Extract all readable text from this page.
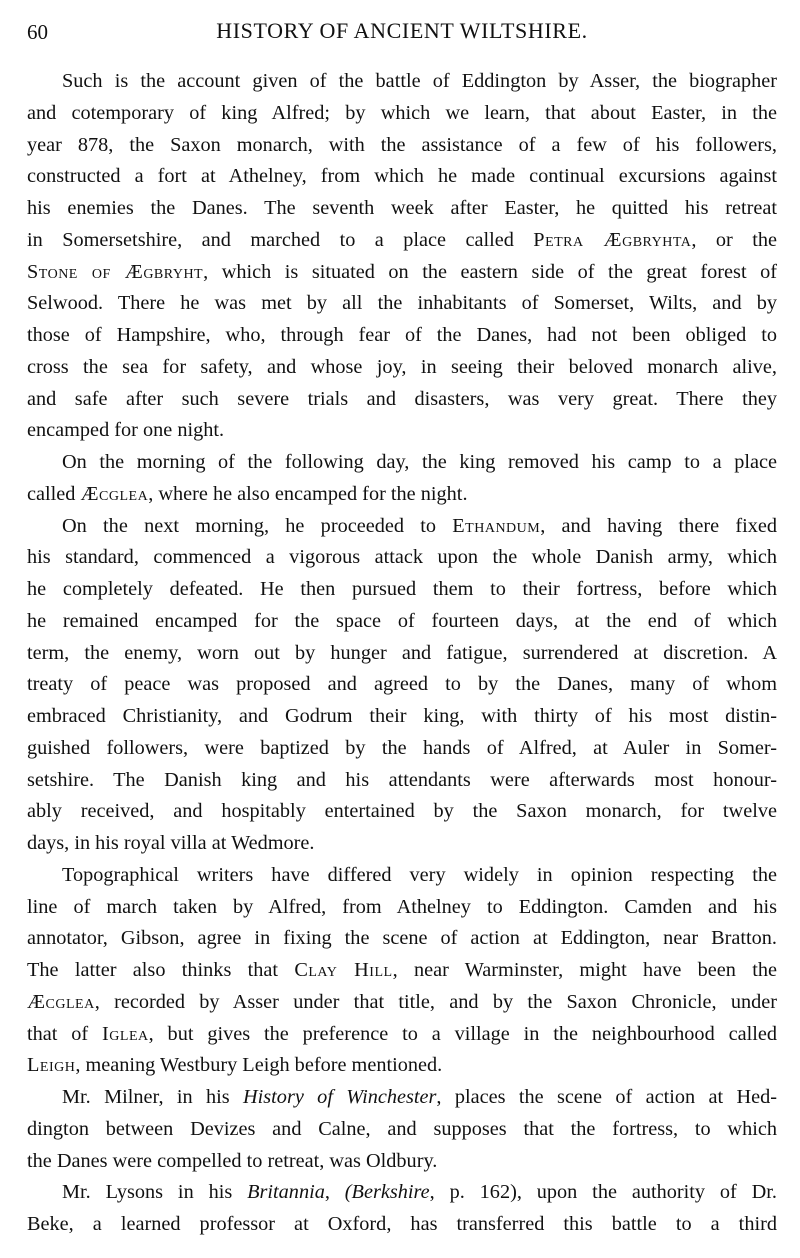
60	HISTORY OF ANCIENT WILTSHIRE.
Such is the account given of the battle of Eddington by Asser, the biographer
and cotemporary of king Alfred; by which we learn, that about Easter, in the
year 878, the Saxon monarch, with the assistance of a few of his followers,
constructed a fort at Athelney, from which he made continual excursions against
his enemies the Danes. The seventh week after Easter, he quitted his retreat
in Somersetshire, and marched to a place called Petra Ægbryhta, or the
Stone of Ægbryht, which is situated on the eastern side of the great forest of
Selwood. There he was met by all the inhabitants of Somerset, Wilts, and by
those of Hampshire, who, through fear of the Danes, had not been obliged to
cross the sea for safety, and whose joy, in seeing their beloved monarch alive,
and safe after such severe trials and disasters, was very great. There they
encamped for one night.
On the morning of the following day, the king removed his camp to a place
called Æcglea, where he also encamped for the night.
On the next morning, he proceeded to Ethandum, and having there fixed
his standard, commenced a vigorous attack upon the whole Danish army, which
he completely defeated. He then pursued them to their fortress, before which
he remained encamped for the space of fourteen days, at the end of which
term, the enemy, worn out by hunger and fatigue, surrendered at discretion. A
treaty of peace was proposed and agreed to by the Danes, many of whom
embraced Christianity, and Godrum their king, with thirty of his most distin-
guished followers, were baptized by the hands of Alfred, at Auler in Somer-
setshire. The Danish king and his attendants were afterwards most honour-
ably received, and hospitably entertained by the Saxon monarch, for twelve
days, in his royal villa at Wedmore.
Topographical writers have differed very widely in opinion respecting the
line of march taken by Alfred, from Athelney to Eddington. Camden and his
annotator, Gibson, agree in fixing the scene of action at Eddington, near Bratton.
The latter also thinks that Clay Hill, near Warminster, might have been the
Æcglea, recorded by Asser under that title, and by the Saxon Chronicle, under
that of Iglea, but gives the preference to a village in the neighbourhood called
Leigh, meaning Westbury Leigh before mentioned.
Mr. Milner, in his History of Winchester, places the scene of action at Hed-
dington between Devizes and Calne, and supposes that the fortress, to which
the Danes were compelled to retreat, was Oldbury.
Mr. Lysons in his Britannia, (Berkshire, p. 162), upon the authority of Dr.
Beke, a learned professor at Oxford, has transferred this battle to a third
